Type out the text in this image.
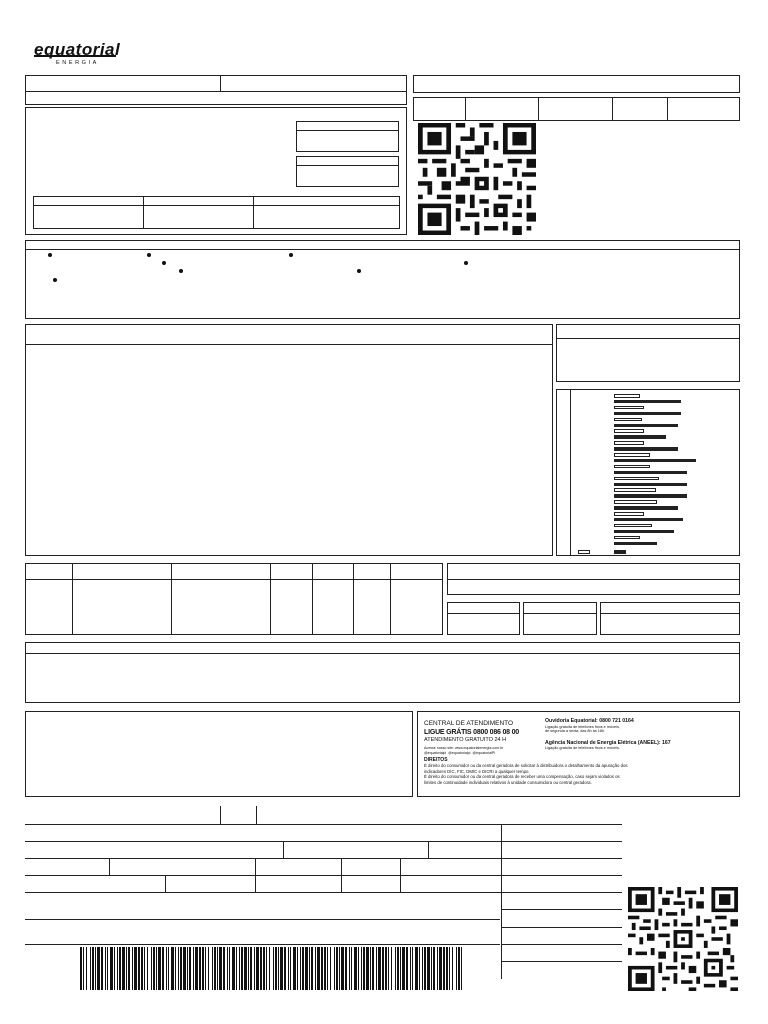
equatorial
ENERGIA
CENTRAL DE ATENDIMENTO
LIGUE GRÁTIS 0800 086 08 00
ATENDIMENTO GRATUITO 24 H
Acesse nosso site: www.equatorialenergia.com.br
@equatorialpi @equatorialpi @equatorialPI
Ouvidoria Equatorial: 0800 721 0164
Ligação gratuita de telefones fixos e móveis,
de segunda a sexta, das 8h às 18h.
Agência Nacional de Energia Elétrica (ANEEL): 167
Ligação gratuita de telefones fixos e móveis.
DIREITOS
É direito do consumidor ou da central geradora de solicitar à distribuidora o detalhamento da apuração dos
indicadores DIC, FIC, DMIC e DICRI a qualquer tempo.
É direito do consumidor ou da central geradora de receber uma compensação, caso sejam violados os
limites de continuidade individuais relativos à unidade consumidora ou central geradora.
